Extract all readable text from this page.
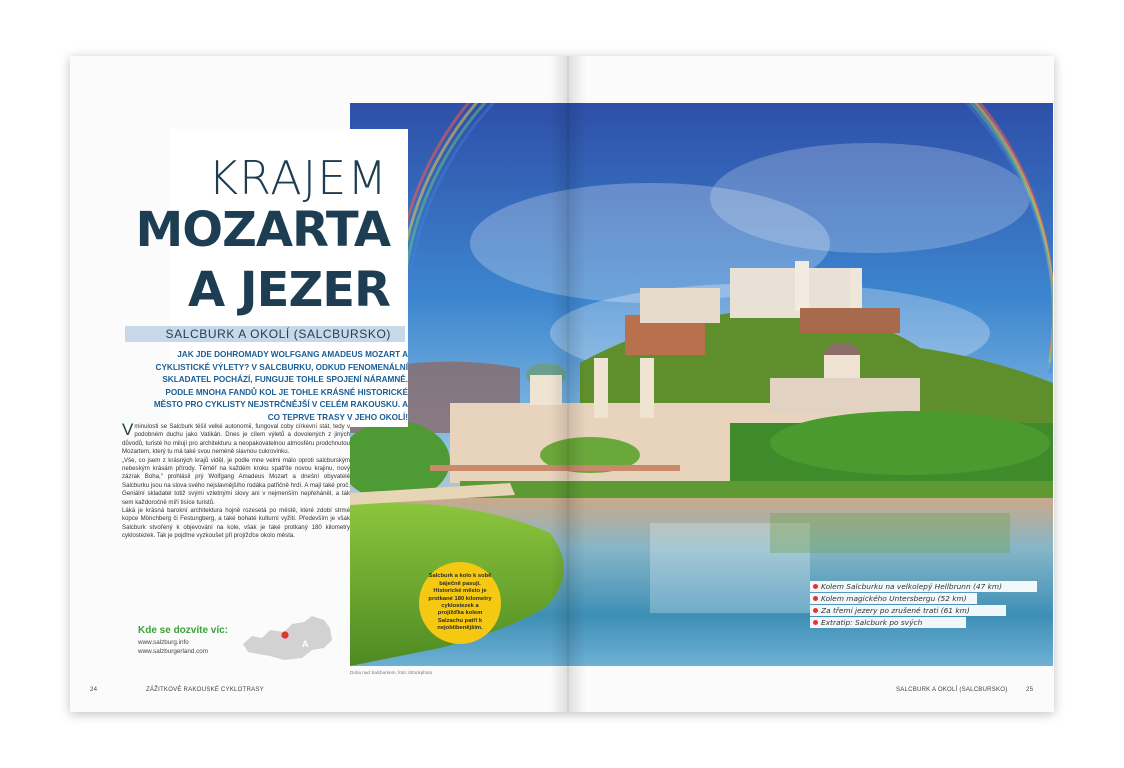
KRAJEM
MOZARTA
A JEZER
SALCBURK A OKOLÍ (SALCBURSKO)
JAK JDE DOHROMADY WOLFGANG AMADEUS MOZART A CYKLISTICKÉ VÝLETY? V SALCBURKU, ODKUD FENOMENÁLNÍ SKLADATEL POCHÁZÍ, FUNGUJE TOHLE SPOJENÍ NÁRAMNĚ. PODLE MNOHA FANDŮ KOL JE TOHLE KRÁSNÉ HISTORICKÉ MĚSTO PRO CYKLISTY NEJSTRČNĚJŠÍ V CELÉM RAKOUSKU. A CO TEPRVE TRASY V JEHO OKOLÍ!

V minulosti se Salcburk těšil velké autonomii, fungoval coby církevní stát, tedy v podobném duchu jako Vatikán. Dnes je cílem výletů a dovolených z jiných důvodů, turisté ho milují pro architekturu a neopakovatelnou atmosféru prodchnutou Mozartem, který tu má také svou neméně slavnou cukrovinku.

„Vše, co jsem z krásných krajů viděl, je podle mne velmi málo oproti salcburským nebeským krásám přírody. Téměř na každém kroku spatříte novou krajinu, nový zázrak Boha,“ prohlásil prý Wolfgang Amadeus Mozart a dnešní obyvatelé Salcburku jsou na slova svého nejslavnějšího rodáka patřičně hrdí. A mají také proč. Geniální skladatel totiž svými vzletnými slovy ani v nejmenším nepřeháněl, a tak sem každoročně míří tisíce turistů.

Láká je krásná barokní architektura hojně rozesetá po městě, které zdobí strmé kopce Mönchberg či Festungberg, a také bohaté kulturní vyžití. Především je však Salcburk stvořený k objevování na kole, však je také protkaný 180 kilometry cyklostezek. Tak je pojďme vyzkoušet při projížďce okolo města.

Kde se dozvíte víc:
www.salzburg.info
www.salzburgerland.com
A
Salcburk a kolo k sobě báječně pasují. Historické město je protkané 180 kilometry cyklostezek a projížďka kolem Salzachu patří k nejoblíbenějším.
Kolem Salcburku na velkolepý Hellbrunn (47 km)
Kolem magického Untersbergu (52 km)
Za třemi jezery po zrušené trati (61 km)
Extratip: Salcburk po svých
Duha nad Salcburkem, foto: iStockphoto
24	ZÁŽITKOVÉ RAKOUSKÉ CYKLOTRASY	SALCBURK A OKOLÍ (SALCBURSKO)	25
